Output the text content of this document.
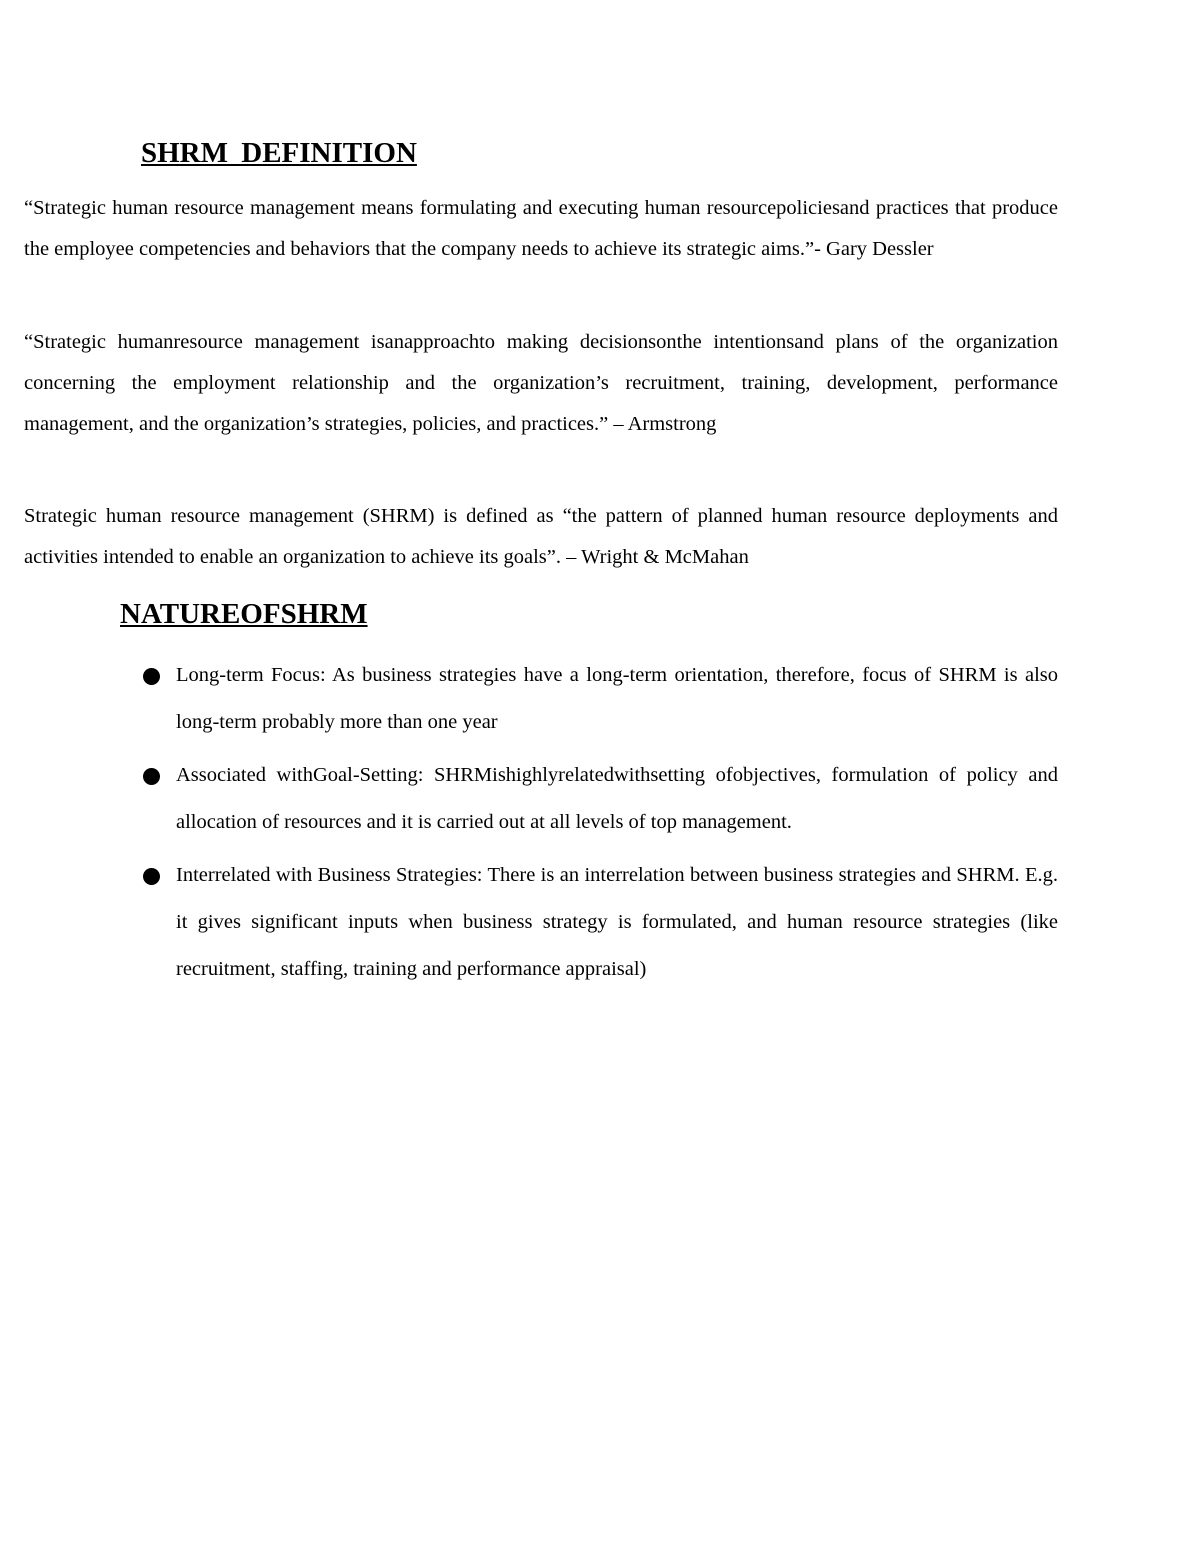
SHRM DEFINITION

“Strategic human resource management means formulating and executing human resourcepoliciesand practices that produce the employee competencies and behaviors that the company needs to achieve its strategic aims.”- Gary Dessler

“Strategic humanresource management isanapproachto making decisionsonthe intentionsand plans of the organization concerning the employment relationship and the organization’s recruitment, training, development, performance management, and the organization’s strategies, policies, and practices.” – Armstrong

Strategic human resource management (SHRM) is defined as “the pattern of planned human resource deployments and activities intended to enable an organization to achieve its goals”. – Wright & McMahan

NATUREOFSHRM
Long-term Focus: As business strategies have a long-term orientation, therefore, focus of SHRM is also long-term probably more than one year
Associated withGoal-Setting: SHRMishighlyrelatedwithsetting ofobjectives, formulation of policy and allocation of resources and it is carried out at all levels of top management.
Interrelated with Business Strategies: There is an interrelation between business strategies and SHRM. E.g. it gives significant inputs when business strategy is formulated, and human resource strategies (like recruitment, staffing, training and performance appraisal)
